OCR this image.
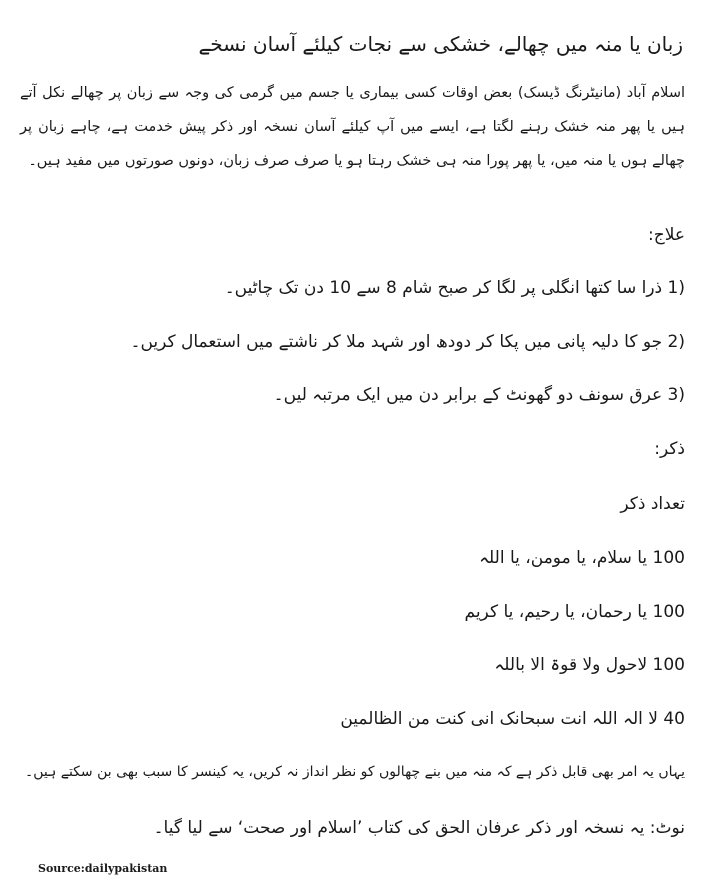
زبان یا منہ میں چھالے، خشکی سے نجات کیلئے آسان نسخے
اسلام آباد (مانیٹرنگ ڈیسک) بعض اوقات کسی بیماری یا جسم میں گرمی کی وجہ سے زبان پر چھالے نکل آتے ہیں یا پھر منہ خشک رہنے لگتا ہے، ایسے میں آپ کیلئے آسان نسخہ اور ذکر پیش خدمت ہے، چاہے زبان پر چھالے ہوں یا منہ میں، یا پھر پورا منہ ہی خشک رہتا ہو یا صرف صرف زبان، دونوں صورتوں میں مفید ہیں۔
علاج:
(1 ذرا سا کتھا انگلی پر لگا کر صبح شام 8 سے 10 دن تک چاٹیں۔
(2 جو کا دلیہ پانی میں پکا کر دودھ اور شہد ملا کر ناشتے میں استعمال کریں۔
(3 عرق سونف دو گھونٹ کے برابر دن میں ایک مرتبہ لیں۔
ذکر:
تعداد ذکر
100 یا سلام، یا مومن، یا اللہ
100 یا رحمان، یا رحیم، یا کریم
100 لاحول ولا قوۃ الا باللہ
40 لا الہ اللہ انت سبحانک انی کنت من الظالمین
یہاں یہ امر بھی قابل ذکر ہے کہ منہ میں بنے چھالوں کو نظر انداز نہ کریں، یہ کینسر کا سبب بھی بن سکتے ہیں۔
نوٹ: یہ نسخہ اور ذکر عرفان الحق کی کتاب ’اسلام اور صحت‘ سے لیا گیا۔
Source:dailypakistan
